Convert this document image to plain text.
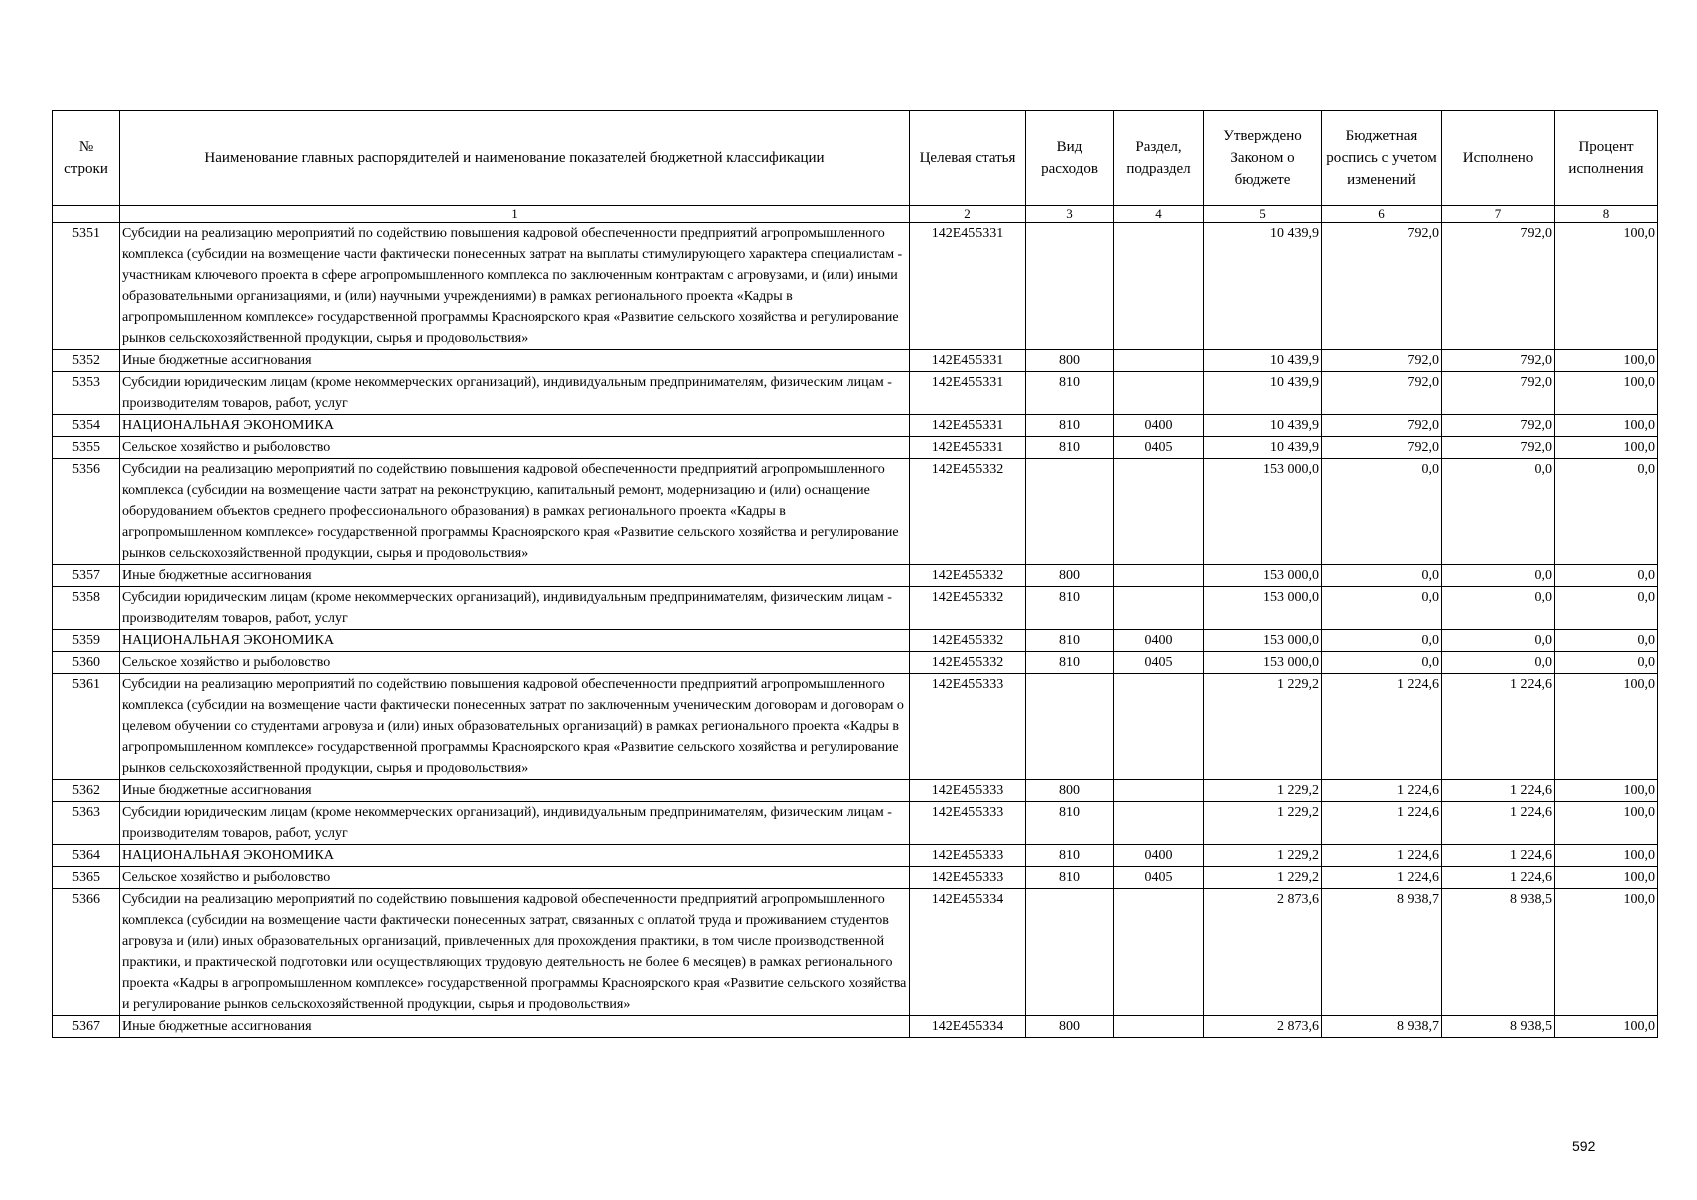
№ строки	Наименование главных распорядителей и наименование показателей бюджетной классификации	Целевая статья	Вид расходов	Раздел, подраздел	Утверждено Законом о бюджете	Бюджетная роспись с учетом изменений	Исполнено	Процент исполнения
	1	2	3	4	5	6	7	8
5351	Субсидии на реализацию мероприятий по содействию повышения кадровой обеспеченности предприятий агропромышленного комплекса (субсидии на возмещение части фактически понесенных затрат на выплаты стимулирующего характера специалистам - участникам ключевого проекта в сфере агропромышленного комплекса по заключенным контрактам с агровузами, и (или) иными образовательными организациями, и (или) научными учреждениями) в рамках регионального проекта «Кадры в агропромышленном комплексе» государственной программы Красноярского края «Развитие сельского хозяйства и регулирование рынков сельскохозяйственной продукции, сырья и продовольствия»	142Е455331			10 439,9	792,0	792,0	100,0
5352	Иные бюджетные ассигнования	142Е455331	800		10 439,9	792,0	792,0	100,0
5353	Субсидии юридическим лицам (кроме некоммерческих организаций), индивидуальным предпринимателям, физическим лицам - производителям товаров, работ, услуг	142Е455331	810		10 439,9	792,0	792,0	100,0
5354	НАЦИОНАЛЬНАЯ ЭКОНОМИКА	142Е455331	810	0400	10 439,9	792,0	792,0	100,0
5355	Сельское хозяйство и рыболовство	142Е455331	810	0405	10 439,9	792,0	792,0	100,0
5356	Субсидии на реализацию мероприятий по содействию повышения кадровой обеспеченности предприятий агропромышленного комплекса (субсидии на возмещение части затрат на реконструкцию, капитальный ремонт, модернизацию и (или) оснащение оборудованием объектов среднего профессионального образования) в рамках регионального проекта «Кадры в агропромышленном комплексе» государственной программы Красноярского края «Развитие сельского хозяйства и регулирование рынков сельскохозяйственной продукции, сырья и продовольствия»	142Е455332			153 000,0	0,0	0,0	0,0
5357	Иные бюджетные ассигнования	142Е455332	800		153 000,0	0,0	0,0	0,0
5358	Субсидии юридическим лицам (кроме некоммерческих организаций), индивидуальным предпринимателям, физическим лицам - производителям товаров, работ, услуг	142Е455332	810		153 000,0	0,0	0,0	0,0
5359	НАЦИОНАЛЬНАЯ ЭКОНОМИКА	142Е455332	810	0400	153 000,0	0,0	0,0	0,0
5360	Сельское хозяйство и рыболовство	142Е455332	810	0405	153 000,0	0,0	0,0	0,0
5361	Субсидии на реализацию мероприятий по содействию повышения кадровой обеспеченности предприятий агропромышленного комплекса (субсидии на возмещение части фактически понесенных затрат по заключенным ученическим договорам и договорам о целевом обучении со студентами агровуза и (или) иных образовательных организаций) в рамках регионального проекта «Кадры в агропромышленном комплексе» государственной программы Красноярского края «Развитие сельского хозяйства и регулирование рынков сельскохозяйственной продукции, сырья и продовольствия»	142Е455333			1 229,2	1 224,6	1 224,6	100,0
5362	Иные бюджетные ассигнования	142Е455333	800		1 229,2	1 224,6	1 224,6	100,0
5363	Субсидии юридическим лицам (кроме некоммерческих организаций), индивидуальным предпринимателям, физическим лицам - производителям товаров, работ, услуг	142Е455333	810		1 229,2	1 224,6	1 224,6	100,0
5364	НАЦИОНАЛЬНАЯ ЭКОНОМИКА	142Е455333	810	0400	1 229,2	1 224,6	1 224,6	100,0
5365	Сельское хозяйство и рыболовство	142Е455333	810	0405	1 229,2	1 224,6	1 224,6	100,0
5366	Субсидии на реализацию мероприятий по содействию повышения кадровой обеспеченности предприятий агропромышленного комплекса (субсидии на возмещение части фактически понесенных затрат, связанных с оплатой труда и проживанием студентов агровуза и (или) иных образовательных организаций, привлеченных для прохождения практики, в том числе производственной практики, и практической подготовки или осуществляющих трудовую деятельность не более 6 месяцев) в рамках регионального проекта «Кадры в агропромышленном комплексе» государственной программы Красноярского края «Развитие сельского хозяйства и регулирование рынков сельскохозяйственной продукции, сырья и продовольствия»	142Е455334			2 873,6	8 938,7	8 938,5	100,0
5367	Иные бюджетные ассигнования	142Е455334	800		2 873,6	8 938,7	8 938,5	100,0
592
